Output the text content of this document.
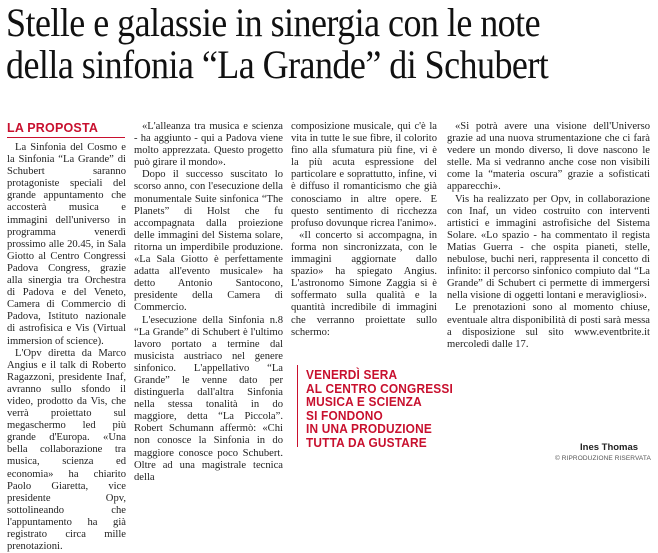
Stelle e galassie in sinergia con le note
della sinfonia “La Grande” di Schubert
LA PROPOSTA

La Sinfonia del Cosmo e la Sinfonia “La Grande” di Schubert saranno protagoniste speciali del grande appuntamento che accosterà musica e immagini dell'universo in programma venerdì prossimo alle 20.45, in Sala Giotto al Centro Congressi Padova Congress, grazie alla sinergia tra Orchestra di Padova e del Veneto, Camera di Commercio di Padova, Istituto nazionale di astrofisica e Vis (Virtual immersion of science).

L'Opv diretta da Marco Angius e il talk di Roberto Ragazzoni, presidente Inaf, avranno sullo sfondo il video, prodotto da Vis, che verrà proiettato sul megaschermo led più grande d'Europa. «Una bella collaborazione tra musica, scienza ed economia» ha chiarito Paolo Giaretta, vice presidente Opv, sottolineando che l'appuntamento ha già registrato circa mille prenotazioni.

«L'alleanza tra musica e scienza - ha aggiunto - qui a Padova viene molto apprezzata. Questo progetto può girare il mondo».

Dopo il successo suscitato lo scorso anno, con l'esecuzione della monumentale Suite sinfonica “The Planets” di Holst che fu accompagnata dalla proiezione delle immagini del Sistema solare, ritorna un imperdibile produzione. «La Sala Giotto è perfettamente adatta all'evento musicale» ha detto Antonio Santocono, presidente della Camera di Commercio.

L'esecuzione della Sinfonia n.8 “La Grande” di Schubert è l'ultimo lavoro portato a termine dal musicista austriaco nel genere sinfonico. L'appellativo “La Grande” le venne dato per distinguerla dall'altra Sinfonia nella stessa tonalità in do maggiore, detta “La Piccola”. Robert Schumann affermò: «Chi non conosce la Sinfonia in do maggiore conosce poco Schubert. Oltre ad una magistrale tecnica della

composizione musicale, qui c'è la vita in tutte le sue fibre, il colorito fino alla sfumatura più fine, vi è la più acuta espressione del particolare e soprattutto, infine, vi è diffuso il romanticismo che già conosciamo in altre opere. E questo sentimento di ricchezza profuso dovunque ricrea l'animo».

«Il concerto si accompagna, in forma non sincronizzata, con le immagini aggiornate dallo spazio» ha spiegato Angius. L'astronomo Simone Zaggia si è soffermato sulla qualità e la quantità incredibile di immagini che verranno proiettate sullo schermo:

VENERDÌ SERA
AL CENTRO CONGRESSI
MUSICA E SCIENZA
SI FONDONO
IN UNA PRODUZIONE
TUTTA DA GUSTARE

«Si potrà avere una visione dell'Universo grazie ad una nuova strumentazione che ci farà vedere un mondo diverso, lì dove nascono le stelle. Ma si vedranno anche cose non visibili come la “materia oscura” grazie a sofisticati apparecchi».

Vis ha realizzato per Opv, in collaborazione con Inaf, un video costruito con interventi artistici e immagini astrofisiche del Sistema Solare. «Lo spazio - ha commentato il regista Matias Guerra - che ospita pianeti, stelle, nebulose, buchi neri, rappresenta il concetto di infinito: il percorso sinfonico compiuto dal “La Grande” di Schubert ci permette di immergersi nella visione di oggetti lontani e meravigliosi».

Le prenotazioni sono al momento chiuse, eventuale altra disponibilità di posti sarà messa a disposizione sul sito www.eventbrite.it mercoledì dalle 17.

Ines Thomas
© RIPRODUZIONE RISERVATA
